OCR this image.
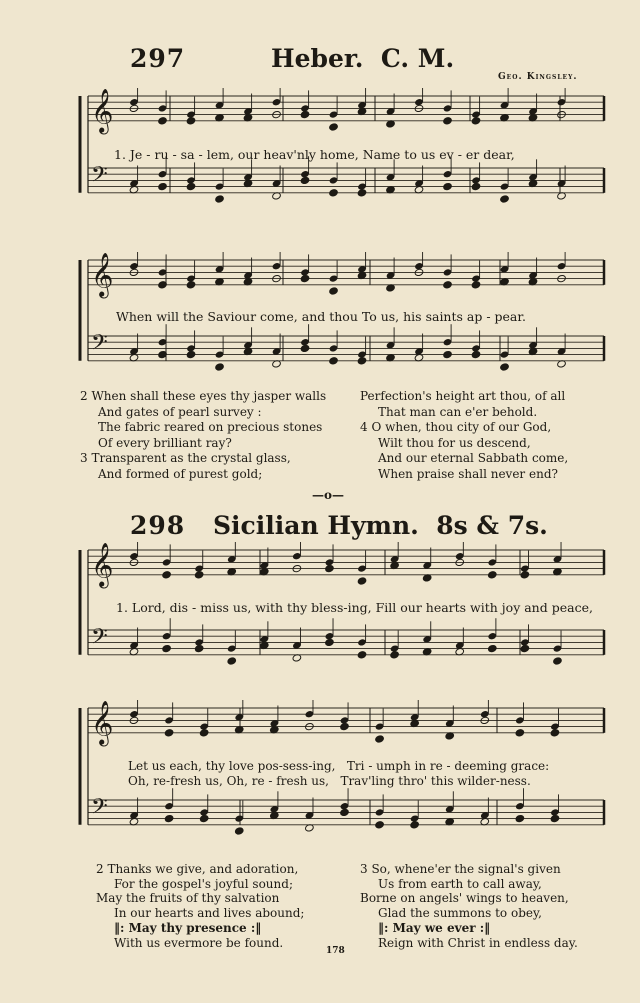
297	Heber. C. M.
Geo. Kingsley.
𝄞
𝄢
1. Je - ru - sa - lem, our heav'nly home, Name to us ev - er dear,
𝄞
𝄢
When will the Saviour come, and thou To us, his saints ap - pear.
2 When shall these eyes thy jasper walls
And gates of pearl survey :
The fabric reared on precious stones
Of every brilliant ray?
3 Transparent as the crystal glass,
And formed of purest gold;
Perfection's height art thou, of all
That man can e'er behold.
4 O when, thou city of our God,
Wilt thou for us descend,
And our eternal Sabbath come,
When praise shall never end?
—o—
298 Sicilian Hymn. 8s & 7s.
𝄞
𝄢
1. Lord, dis - miss us, with thy bless-ing, Fill our hearts with joy and peace,
𝄞
𝄢
Let us each, thy love pos-sess-ing, Tri - umph in re - deeming grace:
Oh, re-fresh us, Oh, re - fresh us, Trav'ling thro' this wilder-ness.
2 Thanks we give, and adoration,
For the gospel's joyful sound;
May the fruits of thy salvation
In our hearts and lives abound;
‖: May thy presence :‖
With us evermore be found.
3 So, whene'er the signal's given
Us from earth to call away,
Borne on angels' wings to heaven,
Glad the summons to obey,
‖: May we ever :‖
Reign with Christ in endless day.
178
